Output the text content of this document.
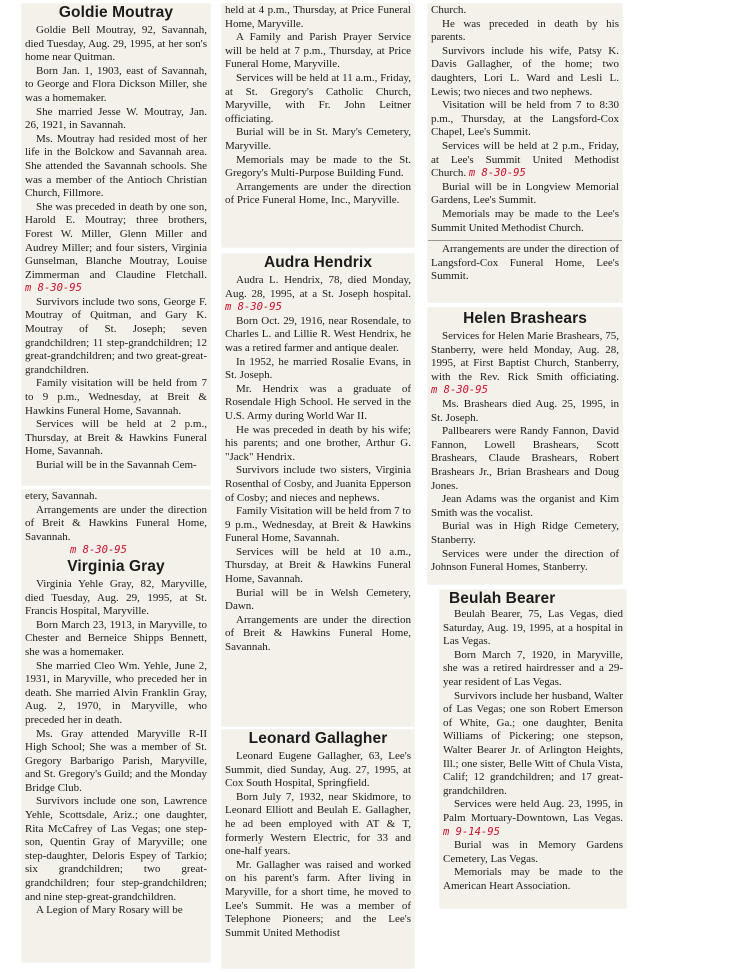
Goldie Moutray

Goldie Bell Moutray, 92, Savannah, died Tuesday, Aug. 29, 1995, at her son's home near Quitman.

Born Jan. 1, 1903, east of Savannah, to George and Flora Dickson Miller, she was a homemaker.

She married Jesse W. Moutray, Jan. 26, 1921, in Savannah.

Ms. Moutray had resided most of her life in the Bolckow and Savannah area. She attended the Savannah schools. She was a member of the Antioch Christian Church, Fillmore.

She was preceded in death by one son, Harold E. Moutray; three brothers, Forest W. Miller, Glenn Miller and Audrey Miller; and four sisters, Virginia Gunselman, Blanche Moutray, Louise Zimmerman and Claudine Fletchall. m 8-30-95

Survivors include two sons, George F. Moutray of Quitman, and Gary K. Moutray of St. Joseph; seven grandchildren; 11 step-grandchildren; 12 great-grandchildren; and two great-great-grandchildren.

Family visitation will be held from 7 to 9 p.m., Wednesday, at Breit & Hawkins Funeral Home, Savannah.

Services will be held at 2 p.m., Thursday, at Breit & Hawkins Funeral Home, Savannah.

Burial will be in the Savannah Cem-

etery, Savannah.

Arrangements are under the direction of Breit & Hawkins Funeral Home, Savannah.

m 8-30-95

Virginia Gray

Virginia Yehle Gray, 82, Maryville, died Tuesday, Aug. 29, 1995, at St. Francis Hospital, Maryville.

Born March 23, 1913, in Maryville, to Chester and Berneice Shipps Bennett, she was a homemaker.

She married Cleo Wm. Yehle, June 2, 1931, in Maryville, who preceded her in death. She married Alvin Franklin Gray, Aug. 2, 1970, in Maryville, who preceded her in death.

Ms. Gray attended Maryville R-II High School; She was a member of St. Gregory Barbarigo Parish, Maryville, and St. Gregory's Guild; and the Monday Bridge Club.

Survivors include one son, Lawrence Yehle, Scottsdale, Ariz.; one daughter, Rita McCafrey of Las Vegas; one step-son, Quentin Gray of Maryville; one step-daughter, Deloris Espey of Tarkio; six grandchildren; two great-grandchildren; four step-grandchildren; and nine step-great-grandchildren.

A Legion of Mary Rosary will be

held at 4 p.m., Thursday, at Price Funeral Home, Maryville.

A Family and Parish Prayer Service will be held at 7 p.m., Thursday, at Price Funeral Home, Maryville.

Services will be held at 11 a.m., Friday, at St. Gregory's Catholic Church, Maryville, with Fr. John Leitner officiating.

Burial will be in St. Mary's Cemetery, Maryville.

Memorials may be made to the St. Gregory's Multi-Purpose Building Fund.

Arrangements are under the direction of Price Funeral Home, Inc., Maryville.

Audra Hendrix

Audra L. Hendrix, 78, died Monday, Aug. 28, 1995, at a St. Joseph hospital. m 8-30-95

Born Oct. 29, 1916, near Rosendale, to Charles L. and Lillie R. West Hendrix, he was a retired farmer and antique dealer.

In 1952, he married Rosalie Evans, in St. Joseph.

Mr. Hendrix was a graduate of Rosendale High School. He served in the U.S. Army during World War II.

He was preceded in death by his wife; his parents; and one brother, Arthur G. "Jack" Hendrix.

Survivors include two sisters, Virginia Rosenthal of Cosby, and Juanita Epperson of Cosby; and nieces and nephews.

Family Visitation will be held from 7 to 9 p.m., Wednesday, at Breit & Hawkins Funeral Home, Savannah.

Services will be held at 10 a.m., Thursday, at Breit & Hawkins Funeral Home, Savannah.

Burial will be in Welsh Cemetery, Dawn.

Arrangements are under the direction of Breit & Hawkins Funeral Home, Savannah.

Leonard Gallagher

Leonard Eugene Gallagher, 63, Lee's Summit, died Sunday, Aug. 27, 1995, at Cox South Hospital, Springfield.

Born July 7, 1932, near Skidmore, to Leonard Elliott and Beulah E. Gallagher, he ad been employed with AT & T, formerly Western Electric, for 33 and one-half years.

Mr. Gallagher was raised and worked on his parent's farm. After living in Maryville, for a short time, he moved to Lee's Summit. He was a member of Telephone Pioneers; and the Lee's Summit United Methodist

Church.

He was preceded in death by his parents.

Survivors include his wife, Patsy K. Davis Gallagher, of the home; two daughters, Lori L. Ward and Lesli L. Lewis; two nieces and two nephews.

Visitation will be held from 7 to 8:30 p.m., Thursday, at the Langsford-Cox Chapel, Lee's Summit.

Services will be held at 2 p.m., Friday, at Lee's Summit United Methodist Church. m 8-30-95

Burial will be in Longview Memorial Gardens, Lee's Summit.

Memorials may be made to the Lee's Summit United Methodist Church.

Arrangements are under the direction of Langsford-Cox Funeral Home, Lee's Summit.

Helen Brashears

Services for Helen Marie Brashears, 75, Stanberry, were held Monday, Aug. 28, 1995, at First Baptist Church, Stanberry, with the Rev. Rick Smith officiating. m 8-30-95

Ms. Brashears died Aug. 25, 1995, in St. Joseph.

Pallbearers were Randy Fannon, David Fannon, Lowell Brashears, Scott Brashears, Claude Brashears, Robert Brashears Jr., Brian Brashears and Doug Jones.

Jean Adams was the organist and Kim Smith was the vocalist.

Burial was in High Ridge Cemetery, Stanberry.

Services were under the direction of Johnson Funeral Homes, Stanberry.

Beulah Bearer

Beulah Bearer, 75, Las Vegas, died Saturday, Aug. 19, 1995, at a hospital in Las Vegas.

Born March 7, 1920, in Maryville, she was a retired hairdresser and a 29-year resident of Las Vegas.

Survivors include her husband, Walter of Las Vegas; one son Robert Emerson of White, Ga.; one daughter, Benita Williams of Pickering; one stepson, Walter Bearer Jr. of Arlington Heights, Ill.; one sister, Belle Witt of Chula Vista, Calif; 12 grandchildren; and 17 great-grandchildren.

Services were held Aug. 23, 1995, in Palm Mortuary-Downtown, Las Vegas. m 9-14-95

Burial was in Memory Gardens Cemetery, Las Vegas.

Memorials may be made to the American Heart Association.
